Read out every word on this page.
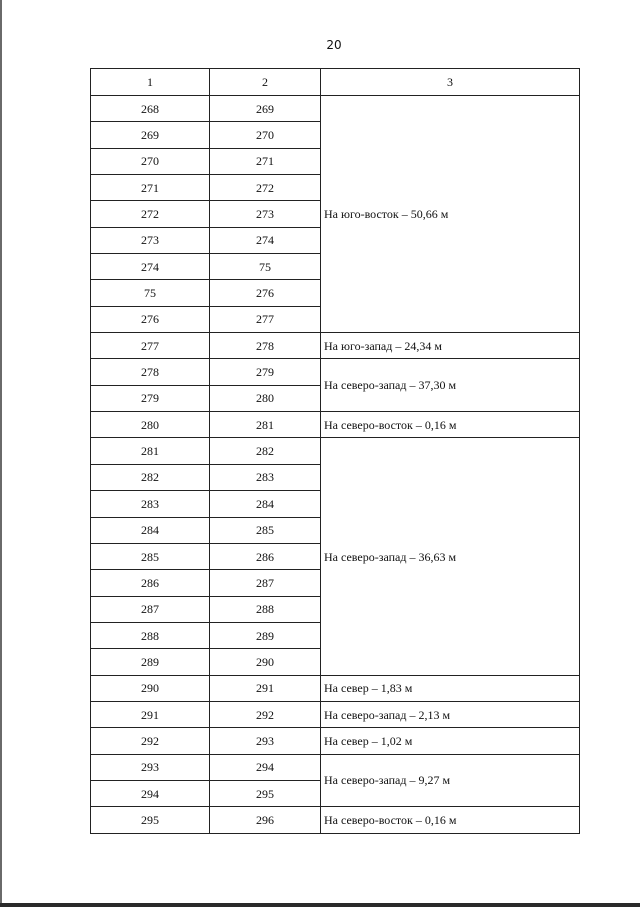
20
1	2	3
268	269	На юго-восток – 50,66 м
269	270	
270	271	
271	272	
272	273	
273	274	
274	75	
75	276	
276	277	
277	278	На юго-запад – 24,34 м
278	279	На северо-запад – 37,30 м
279	280	
280	281	На северо-восток – 0,16 м
281	282	На северо-запад – 36,63 м
282	283	
283	284	
284	285	
285	286	
286	287	
287	288	
288	289	
289	290	
290	291	На север – 1,83 м
291	292	На северо-запад – 2,13 м
292	293	На север – 1,02 м
293	294	На северо-запад – 9,27 м
294	295	
295	296	На северо-восток – 0,16 м
